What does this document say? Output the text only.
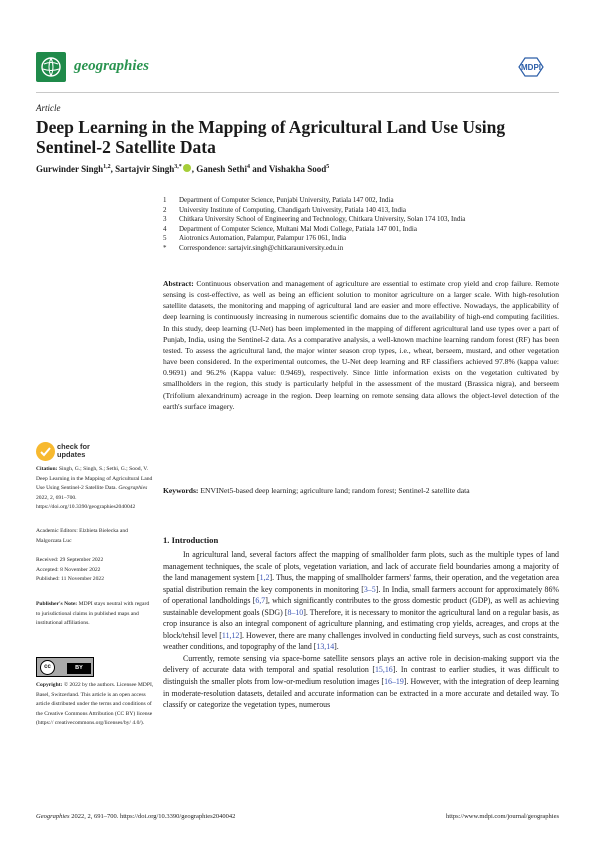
geographies	MDPI
Article
Deep Learning in the Mapping of Agricultural Land Use Using Sentinel-2 Satellite Data
Gurwinder Singh$^{1,2}$, Sartajvir Singh$^{3,*}$ , Ganesh Sethi$^4$ and Vishakha Sood$^5$
1	Department of Computer Science, Punjabi University, Patiala 147 002, India
2	University Institute of Computing, Chandigarh University, Patiala 140 413, India
3	Chitkara University School of Engineering and Technology, Chitkara University, Solan 174 103, India
4	Department of Computer Science, Multani Mal Modi College, Patiala 147 001, India
5	Aiotronics Automation, Palampur, Palampur 176 061, India
*	Correspondence: sartajvir.singh@chitkarauniversity.edu.in
Abstract: Continuous observation and management of agriculture are essential to estimate crop yield and crop failure. Remote sensing is cost-effective, as well as being an efficient solution to monitor agriculture on a larger scale. With high-resolution satellite datasets, the monitoring and mapping of agricultural land are easier and more effective. Nowadays, the applicability of deep learning is continuously increasing in numerous scientific domains due to the availability of high-end computing facilities. In this study, deep learning (U-Net) has been implemented in the mapping of different agricultural land use types over a part of Punjab, India, using the Sentinel-2 data. As a comparative analysis, a well-known machine learning random forest (RF) has been tested. To assess the agricultural land, the major winter season crop types, i.e., wheat, berseem, mustard, and other vegetation have been considered. In the experimental outcomes, the U-Net deep learning and RF classifiers achieved 97.8% (kappa value: 0.9691) and 96.2% (Kappa value: 0.9469), respectively. Since little information exists on the vegetation cultivated by smallholders in the region, this study is particularly helpful in the assessment of the mustard (Brassica nigra), and berseem (Trifolium alexandrinum) acreage in the region. Deep learning on remote sensing data allows the object-level detection of the earth's surface imagery.
Keywords: ENVINet5-based deep learning; agriculture land; random forest; Sentinel-2 satellite data
1. Introduction

In agricultural land, several factors affect the mapping of smallholder farm plots, such as the multiple types of land management techniques, the scale of plots, vegetation variation, and lack of accurate field boundaries among a majority of the land management system [1,2]. Thus, the mapping of smallholder farmers' farms, their operation, and the vegetation area spatial distribution remain the key components in monitoring [3–5]. In India, small farmers account for approximately 86% of operational landholdings [6,7], which significantly contributes to the gross domestic product (GDP), as well as achieving sustainable development goals (SDG) [8–10]. Therefore, it is necessary to monitor the agricultural land on a regular basis, as crop insurance is also an integral component of agriculture planning, and estimating crop yields, acreages, and crops at the block/tehsil level [11,12]. However, there are many challenges involved in conducting field surveys, such as cost constraints, weather conditions, and topography of the land [13,14].

Currently, remote sensing via space-borne satellite sensors plays an active role in decision-making support via the delivery of accurate data with temporal and spatial resolution [15,16]. In contrast to earlier studies, it was difficult to distinguish the smaller plots from low-or-medium resolution images [16–19]. However, with the integration of deep learning in moderate-resolution datasets, detailed and accurate information can be extracted in a more accurate and detailed way. To classify or categorize the vegetation types, numerous

check for
updates
Citation: Singh, G.; Singh, S.; Sethi, G.; Sood, V. Deep Learning in the Mapping of Agricultural Land Use Using Sentinel-2 Satellite Data. Geographies 2022, 2, 691–700. https://doi.org/10.3390/geographies2040042
Academic Editors: Elzbieta Bielecka and Malgorzata Luc
Received: 29 September 2022
Accepted: 8 November 2022
Published: 11 November 2022
Publisher's Note: MDPI stays neutral with regard to jurisdictional claims in published maps and institutional affiliations.
cc	BY
Copyright: © 2022 by the authors. Licensee MDPI, Basel, Switzerland. This article is an open access article distributed under the terms and conditions of the Creative Commons Attribution (CC BY) license (https:// creativecommons.org/licenses/by/ 4.0/).
Geographies 2022, 2, 691–700. https://doi.org/10.3390/geographies2040042	https://www.mdpi.com/journal/geographies
